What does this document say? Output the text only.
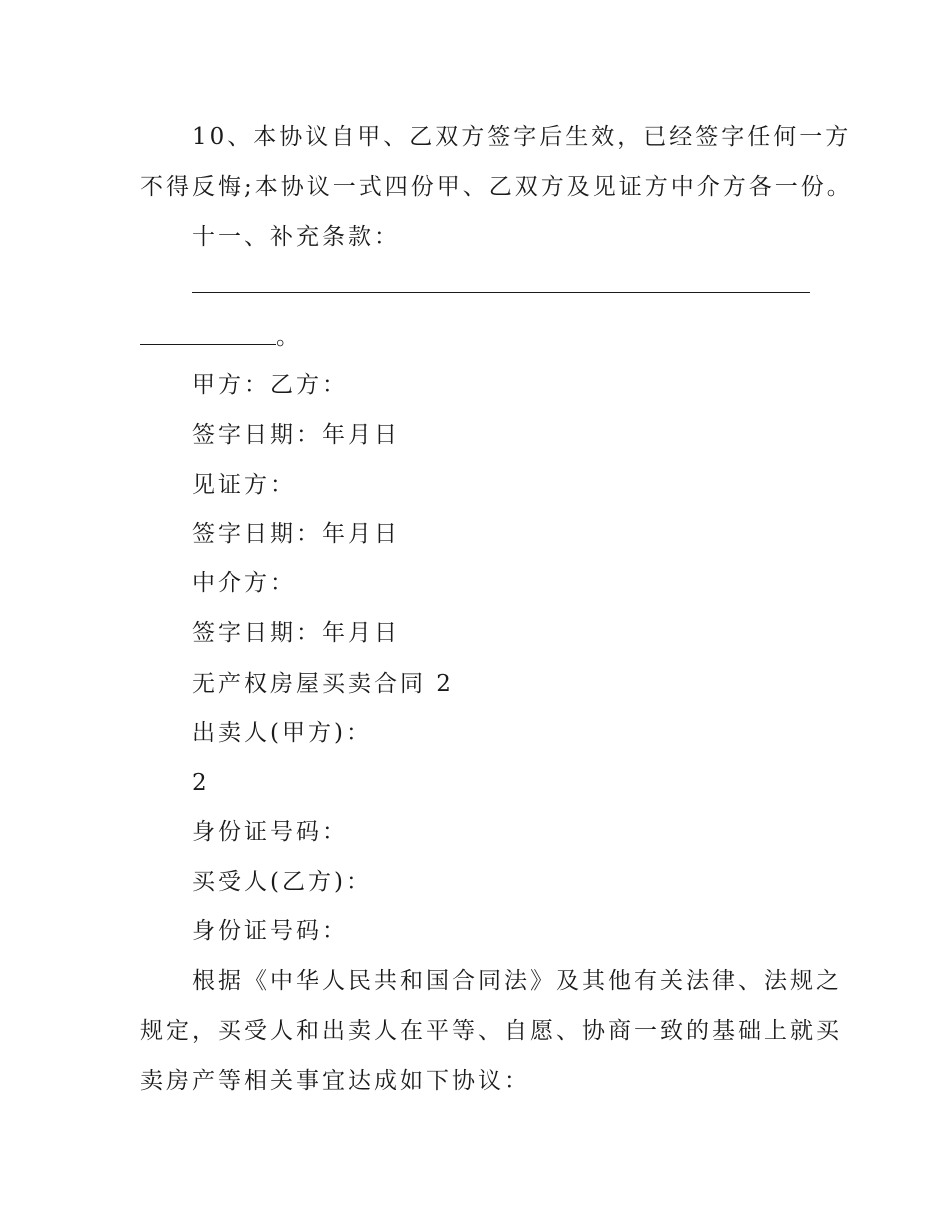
10、本协议自甲、乙双方签字后生效，已经签字任何一方
不得反悔;本协议一式四份甲、乙双方及见证方中介方各一份。
十一、补充条款：
。
甲方：乙方：
签字日期：年月日
见证方：
签字日期：年月日
中介方：
签字日期：年月日
无产权房屋买卖合同 2
出卖人(甲方)：
2
身份证号码：
买受人(乙方)：
身份证号码：
根据《中华人民共和国合同法》及其他有关法律、法规之
规定，买受人和出卖人在平等、自愿、协商一致的基础上就买
卖房产等相关事宜达成如下协议：
